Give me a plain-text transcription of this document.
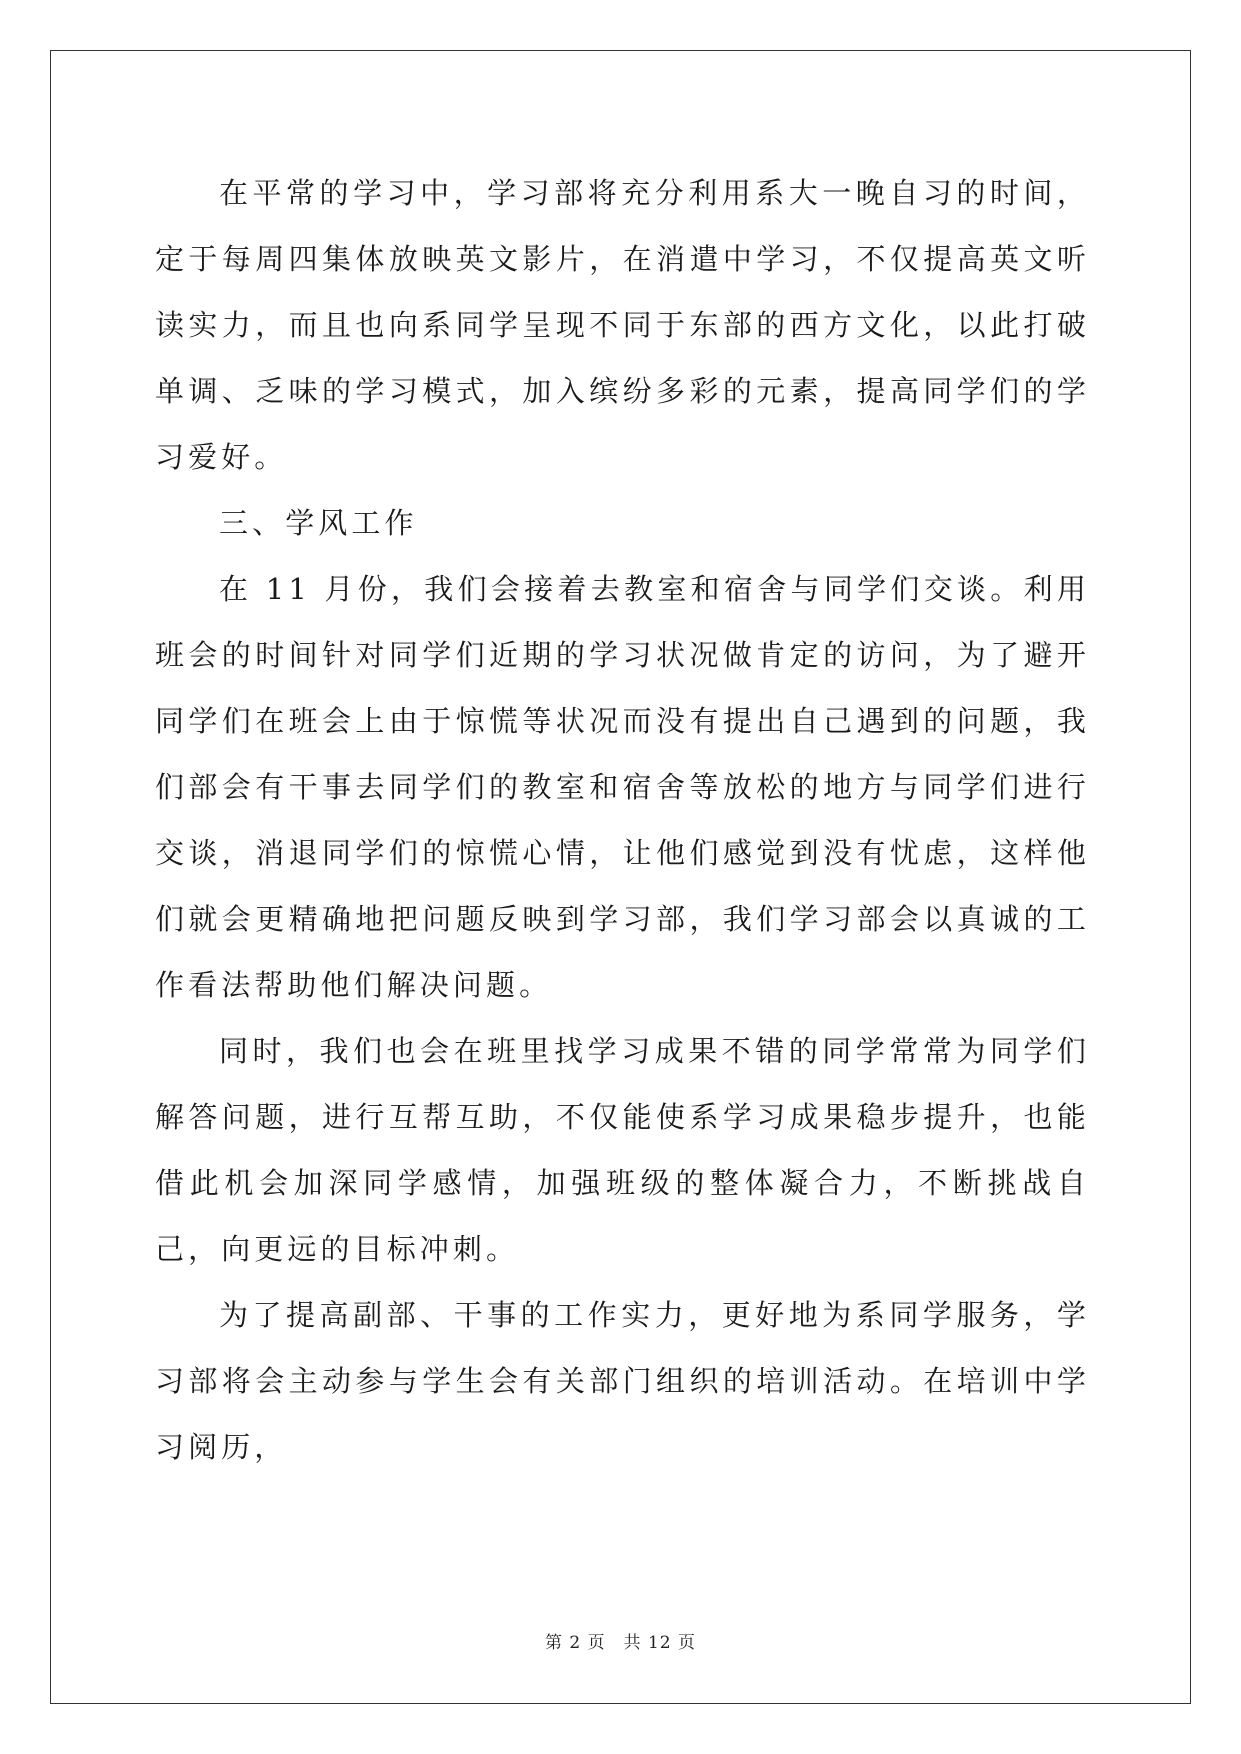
在平常的学习中，学习部将充分利用系大一晚自习的时间，定于每周四集体放映英文影片，在消遣中学习，不仅提高英文听读实力，而且也向系同学呈现不同于东部的西方文化，以此打破单调、乏味的学习模式，加入缤纷多彩的元素，提高同学们的学习爱好。

三、学风工作

在 11 月份，我们会接着去教室和宿舍与同学们交谈。利用班会的时间针对同学们近期的学习状况做肯定的访问，为了避开同学们在班会上由于惊慌等状况而没有提出自己遇到的问题，我们部会有干事去同学们的教室和宿舍等放松的地方与同学们进行交谈，消退同学们的惊慌心情，让他们感觉到没有忧虑，这样他们就会更精确地把问题反映到学习部，我们学习部会以真诚的工作看法帮助他们解决问题。

同时，我们也会在班里找学习成果不错的同学常常为同学们解答问题，进行互帮互助，不仅能使系学习成果稳步提升，也能借此机会加深同学感情，加强班级的整体凝合力，不断挑战自己，向更远的目标冲刺。

为了提高副部、干事的工作实力，更好地为系同学服务，学习部将会主动参与学生会有关部门组织的培训活动。在培训中学习阅历，

第 2 页 共 12 页
